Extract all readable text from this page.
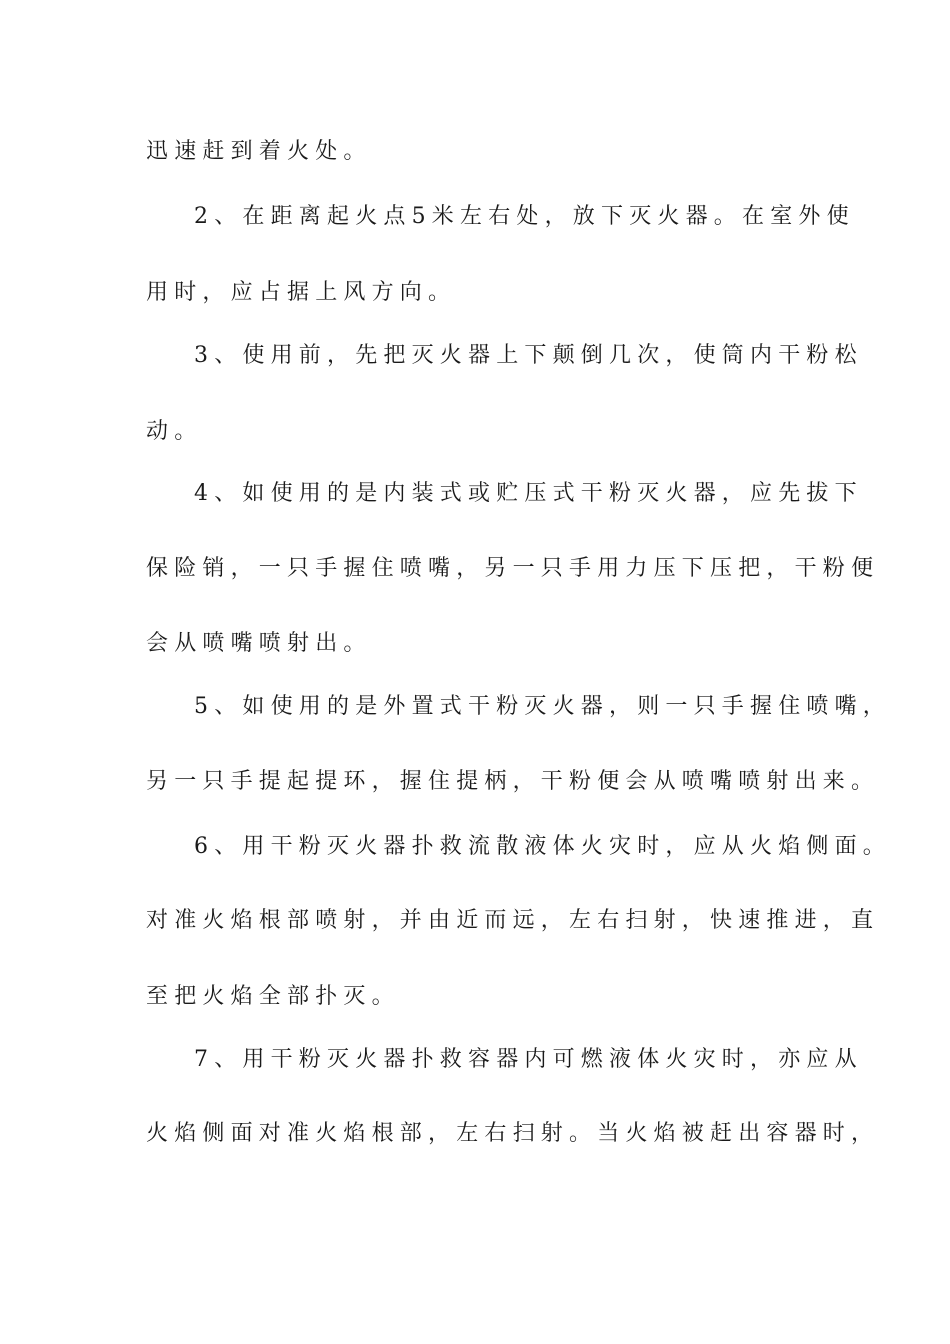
迅速赶到着火处。
2、在距离起火点5米左右处，放下灭火器。在室外使
用时，应占据上风方向。
3、使用前，先把灭火器上下颠倒几次，使筒内干粉松
动。
4、如使用的是内装式或贮压式干粉灭火器，应先拔下
保险销，一只手握住喷嘴，另一只手用力压下压把，干粉便
会从喷嘴喷射出。
5、如使用的是外置式干粉灭火器，则一只手握住喷嘴，
另一只手提起提环，握住提柄，干粉便会从喷嘴喷射出来。
6、用干粉灭火器扑救流散液体火灾时，应从火焰侧面。
对准火焰根部喷射，并由近而远，左右扫射，快速推进，直
至把火焰全部扑灭。
7、用干粉灭火器扑救容器内可燃液体火灾时，亦应从
火焰侧面对准火焰根部，左右扫射。当火焰被赶出容器时，
